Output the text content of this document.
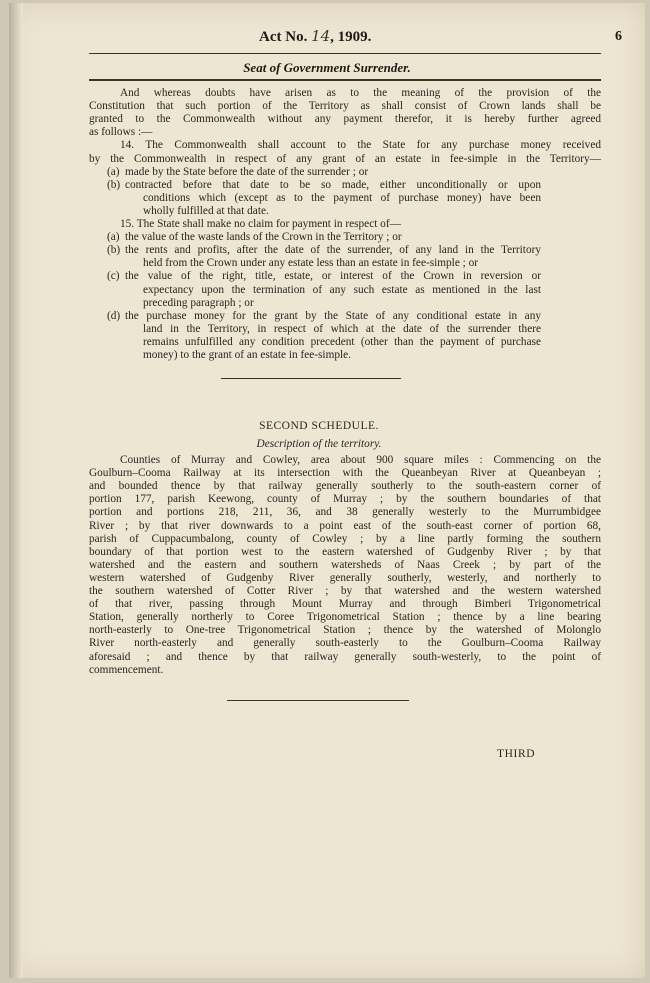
Act No. 14, 1909.	6
Seat of Government Surrender.
And whereas doubts have arisen as to the meaning of the provision of the
Constitution that such portion of the Territory as shall consist of Crown lands shall be
granted to the Commonwealth without any payment therefor, it is hereby further agreed
as follows :—
14. The Commonwealth shall account to the State for any purchase money received
by the Commonwealth in respect of any grant of an estate in fee-simple in the Territory—
(a) made by the State before the date of the surrender ; or
(b) contracted before that date to be so made, either unconditionally or upon
conditions which (except as to the payment of purchase money) have been
wholly fulfilled at that date.
15. The State shall make no claim for payment in respect of—
(a) the value of the waste lands of the Crown in the Territory ; or
(b) the rents and profits, after the date of the surrender, of any land in the Territory
held from the Crown under any estate less than an estate in fee-simple ; or
(c) the value of the right, title, estate, or interest of the Crown in reversion or
expectancy upon the termination of any such estate as mentioned in the last
preceding paragraph ; or
(d) the purchase money for the grant by the State of any conditional estate in any
land in the Territory, in respect of which at the date of the surrender there
remains unfulfilled any condition precedent (other than the payment of purchase
money) to the grant of an estate in fee-simple.
SECOND SCHEDULE.
Description of the territory.
Counties of Murray and Cowley, area about 900 square miles : Commencing on the
Goulburn–Cooma Railway at its intersection with the Queanbeyan River at Queanbeyan ;
and bounded thence by that railway generally southerly to the south-eastern corner of
portion 177, parish Keewong, county of Murray ; by the southern boundaries of that
portion and portions 218, 211, 36, and 38 generally westerly to the Murrumbidgee
River ; by that river downwards to a point east of the south-east corner of portion 68,
parish of Cuppacumbalong, county of Cowley ; by a line partly forming the southern
boundary of that portion west to the eastern watershed of Gudgenby River ; by that
watershed and the eastern and southern watersheds of Naas Creek ; by part of the
western watershed of Gudgenby River generally southerly, westerly, and northerly to
the southern watershed of Cotter River ; by that watershed and the western watershed
of that river, passing through Mount Murray and through Bimberi Trigonometrical
Station, generally northerly to Coree Trigonometrical Station ; thence by a line bearing
north-easterly to One-tree Trigonometrical Station ; thence by the watershed of Molonglo
River north-easterly and generally south-easterly to the Goulburn–Cooma Railway
aforesaid ; and thence by that railway generally south-westerly, to the point of
commencement.
THIRD
